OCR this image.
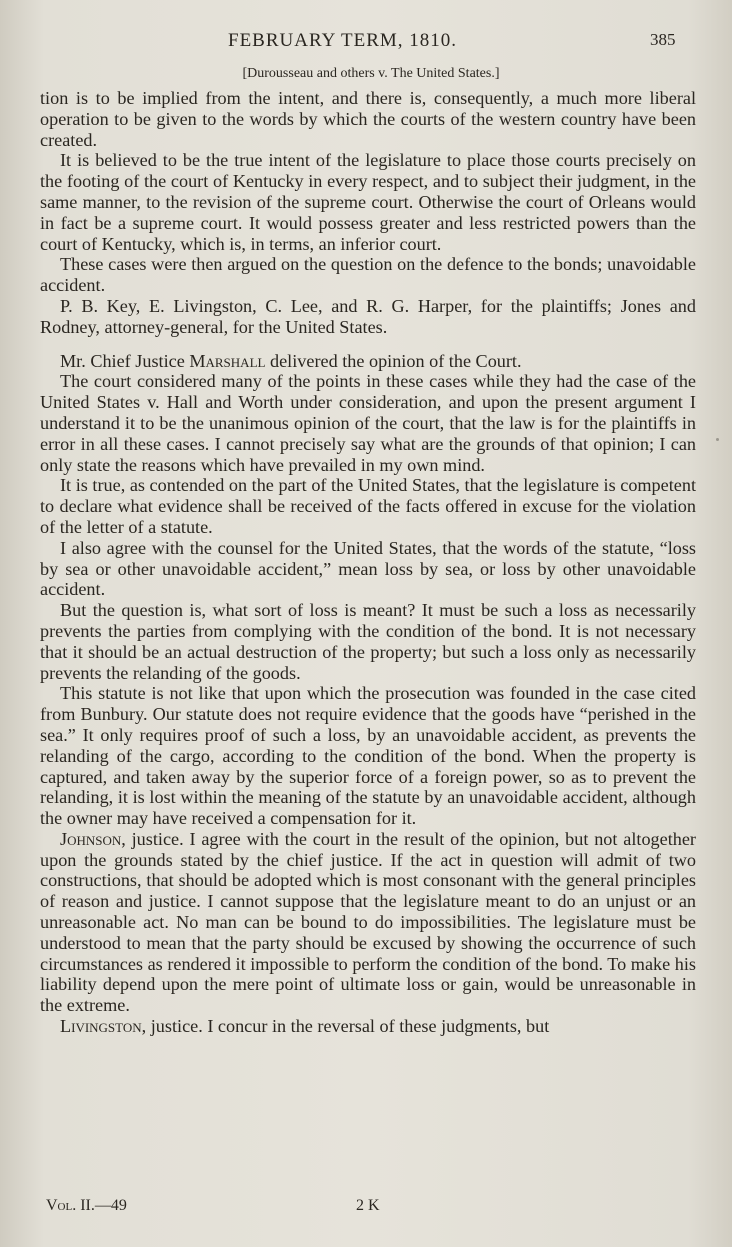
FEBRUARY TERM, 1810.	385
[Durousseau and others v. The United States.]

tion is to be implied from the intent, and there is, consequently, a much more liberal operation to be given to the words by which the courts of the western country have been created.

It is believed to be the true intent of the legislature to place those courts precisely on the footing of the court of Kentucky in every respect, and to subject their judgment, in the same manner, to the revision of the supreme court. Otherwise the court of Orleans would in fact be a supreme court. It would possess greater and less restricted powers than the court of Kentucky, which is, in terms, an inferior court.

These cases were then argued on the question on the defence to the bonds; unavoidable accident.

P. B. Key, E. Livingston, C. Lee, and R. G. Harper, for the plaintiffs; Jones and Rodney, attorney-general, for the United States.

Mr. Chief Justice Marshall delivered the opinion of the Court.

The court considered many of the points in these cases while they had the case of the United States v. Hall and Worth under consideration, and upon the present argument I understand it to be the unanimous opinion of the court, that the law is for the plaintiffs in error in all these cases. I cannot precisely say what are the grounds of that opinion; I can only state the reasons which have prevailed in my own mind.

It is true, as contended on the part of the United States, that the legislature is competent to declare what evidence shall be received of the facts offered in excuse for the violation of the letter of a statute.

I also agree with the counsel for the United States, that the words of the statute, “loss by sea or other unavoidable accident,” mean loss by sea, or loss by other unavoidable accident.

But the question is, what sort of loss is meant? It must be such a loss as necessarily prevents the parties from complying with the condition of the bond. It is not necessary that it should be an actual destruction of the property; but such a loss only as necessarily prevents the relanding of the goods.

This statute is not like that upon which the prosecution was founded in the case cited from Bunbury. Our statute does not require evidence that the goods have “perished in the sea.” It only requires proof of such a loss, by an unavoidable accident, as prevents the relanding of the cargo, according to the condition of the bond. When the property is captured, and taken away by the superior force of a foreign power, so as to prevent the relanding, it is lost within the meaning of the statute by an unavoidable accident, although the owner may have received a compensation for it.

Johnson, justice. I agree with the court in the result of the opinion, but not altogether upon the grounds stated by the chief justice. If the act in question will admit of two constructions, that should be adopted which is most consonant with the general principles of reason and justice. I cannot suppose that the legislature meant to do an unjust or an unreasonable act. No man can be bound to do impossibilities. The legislature must be understood to mean that the party should be excused by showing the occurrence of such circumstances as rendered it impossible to perform the condition of the bond. To make his liability depend upon the mere point of ultimate loss or gain, would be unreasonable in the extreme.

Livingston, justice. I concur in the reversal of these judgments, but

Vol. II.—49	2 K
